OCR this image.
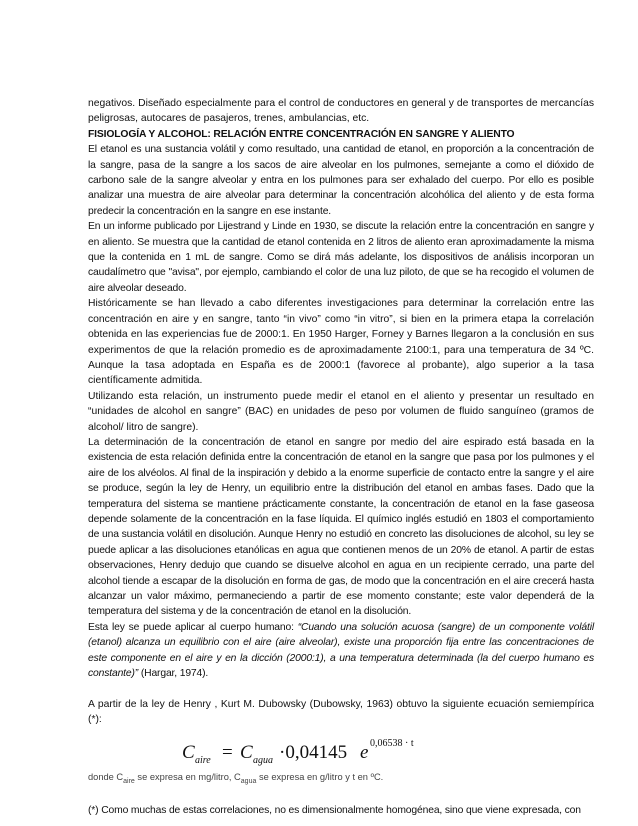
negativos. Diseñado especialmente para el control de conductores en general y de transportes de mercancías peligrosas, autocares de pasajeros, trenes, ambulancias, etc.

FISIOLOGÍA Y ALCOHOL: RELACIÓN ENTRE CONCENTRACIÓN EN SANGRE Y ALIENTO

El etanol es una sustancia volátil y como resultado, una cantidad de etanol, en proporción a la concentración de la sangre, pasa de la sangre a los sacos de aire alveolar en los pulmones, semejante a como el dióxido de carbono sale de la sangre alveolar y entra en los pulmones para ser exhalado del cuerpo. Por ello es posible analizar una muestra de aire alveolar para determinar la concentración alcohólica del aliento y de esta forma predecir la concentración en la sangre en ese instante.

En un informe publicado por Lijestrand y Linde en 1930, se discute la relación entre la concentración en sangre y en aliento. Se muestra que la cantidad de etanol contenida en 2 litros de aliento eran aproximadamente la misma que la contenida en 1 mL de sangre. Como se dirá más adelante, los dispositivos de análisis incorporan un caudalímetro que "avisa", por ejemplo, cambiando el color de una luz piloto, de que se ha recogido el volumen de aire alveolar deseado.

Históricamente se han llevado a cabo diferentes investigaciones para determinar la correlación entre las concentración en aire y en sangre, tanto “in vivo” como “in vitro”, si bien en la primera etapa la correlación obtenida en las experiencias fue de 2000:1. En 1950 Harger, Forney y Barnes llegaron a la conclusión en sus experimentos de que la relación promedio es de aproximadamente 2100:1, para una temperatura de 34 ºC. Aunque la tasa adoptada en España es de 2000:1 (favorece al probante), algo superior a la tasa científicamente admitida.

Utilizando esta relación, un instrumento puede medir el etanol en el aliento y presentar un resultado en “unidades de alcohol en sangre” (BAC) en unidades de peso por volumen de fluido sanguíneo (gramos de alcohol/ litro de sangre).

La determinación de la concentración de etanol en sangre por medio del aire espirado está basada en la existencia de esta relación definida entre la concentración de etanol en la sangre que pasa por los pulmones y el aire de los alvéolos. Al final de la inspiración y debido a la enorme superficie de contacto entre la sangre y el aire se produce, según la ley de Henry, un equilibrio entre la distribución del etanol en ambas fases. Dado que la temperatura del sistema se mantiene prácticamente constante, la concentración de etanol en la fase gaseosa depende solamente de la concentración en la fase líquida. El químico inglés estudió en 1803 el comportamiento de una sustancia volátil en disolución. Aunque Henry no estudió en concreto las disoluciones de alcohol, su ley se puede aplicar a las disoluciones etanólicas en agua que contienen menos de un 20% de etanol. A partir de estas observaciones, Henry dedujo que cuando se disuelve alcohol en agua en un recipiente cerrado, una parte del alcohol tiende a escapar de la disolución en forma de gas, de modo que la concentración en el aire crecerá hasta alcanzar un valor máximo, permaneciendo a partir de ese momento constante; este valor dependerá de la temperatura del sistema y de la concentración de etanol en la disolución.

Esta ley se puede aplicar al cuerpo humano: “Cuando una solución acuosa (sangre) de un componente volátil (etanol) alcanza un equilibrio con el aire (aire alveolar), existe una proporción fija entre las concentraciones de este componente en el aire y en la dicción (2000:1), a una temperatura determinada (la del cuerpo humano es constante)” (Hargar, 1974).

A partir de la ley de Henry , Kurt M. Dubowsky (Dubowsky, 1963) obtuvo la siguiente ecuación semiempírica (*):

C aire = C agua ·0,04145 e 0,06538 · t

donde $C_{aire}$ se expresa en mg/litro, $C_{agua}$ se expresa en g/litro y t en ºC.

(*) Como muchas de estas correlaciones, no es dimensionalmente homogénea, sino que viene expresada, con
